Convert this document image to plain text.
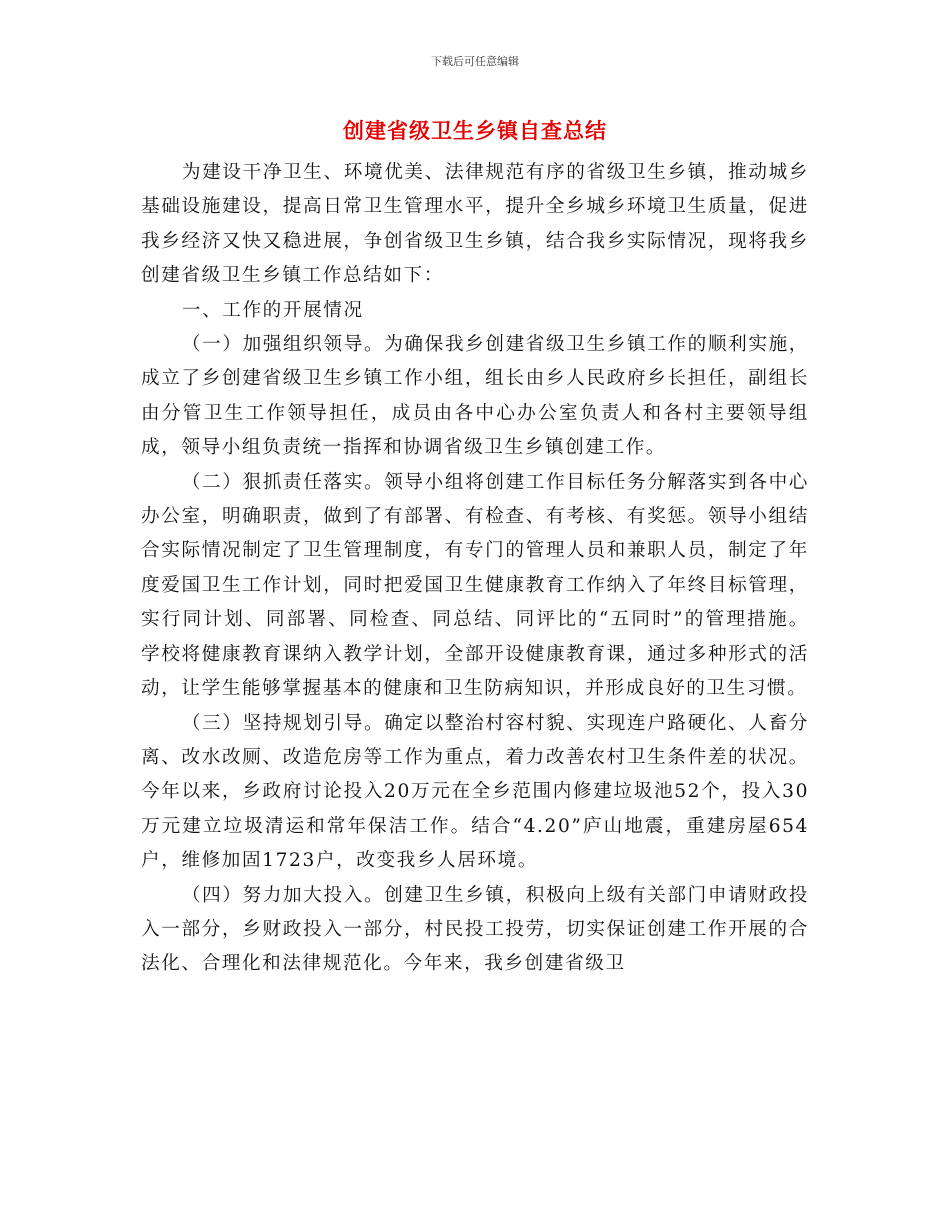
下载后可任意编辑
创建省级卫生乡镇自查总结

为建设干净卫生、环境优美、法律规范有序的省级卫生乡镇，推动城乡基础设施建设，提高日常卫生管理水平，提升全乡城乡环境卫生质量，促进我乡经济又快又稳进展，争创省级卫生乡镇，结合我乡实际情况，现将我乡创建省级卫生乡镇工作总结如下：

一、工作的开展情况

（一）加强组织领导。为确保我乡创建省级卫生乡镇工作的顺利实施，成立了乡创建省级卫生乡镇工作小组，组长由乡人民政府乡长担任，副组长由分管卫生工作领导担任，成员由各中心办公室负责人和各村主要领导组成，领导小组负责统一指挥和协调省级卫生乡镇创建工作。

（二）狠抓责任落实。领导小组将创建工作目标任务分解落实到各中心办公室，明确职责，做到了有部署、有检查、有考核、有奖惩。领导小组结合实际情况制定了卫生管理制度，有专门的管理人员和兼职人员，制定了年度爱国卫生工作计划，同时把爱国卫生健康教育工作纳入了年终目标管理，实行同计划、同部署、同检查、同总结、同评比的“五同时”的管理措施。学校将健康教育课纳入教学计划，全部开设健康教育课，通过多种形式的活动，让学生能够掌握基本的健康和卫生防病知识，并形成良好的卫生习惯。

（三）坚持规划引导。确定以整治村容村貌、实现连户路硬化、人畜分离、改水改厕、改造危房等工作为重点，着力改善农村卫生条件差的状况。今年以来，乡政府讨论投入20万元在全乡范围内修建垃圾池52个，投入30万元建立垃圾清运和常年保洁工作。结合“4.20”庐山地震，重建房屋654户，维修加固1723户，改变我乡人居环境。

（四）努力加大投入。创建卫生乡镇，积极向上级有关部门申请财政投入一部分，乡财政投入一部分，村民投工投劳，切实保证创建工作开展的合法化、合理化和法律规范化。今年来，我乡创建省级卫
